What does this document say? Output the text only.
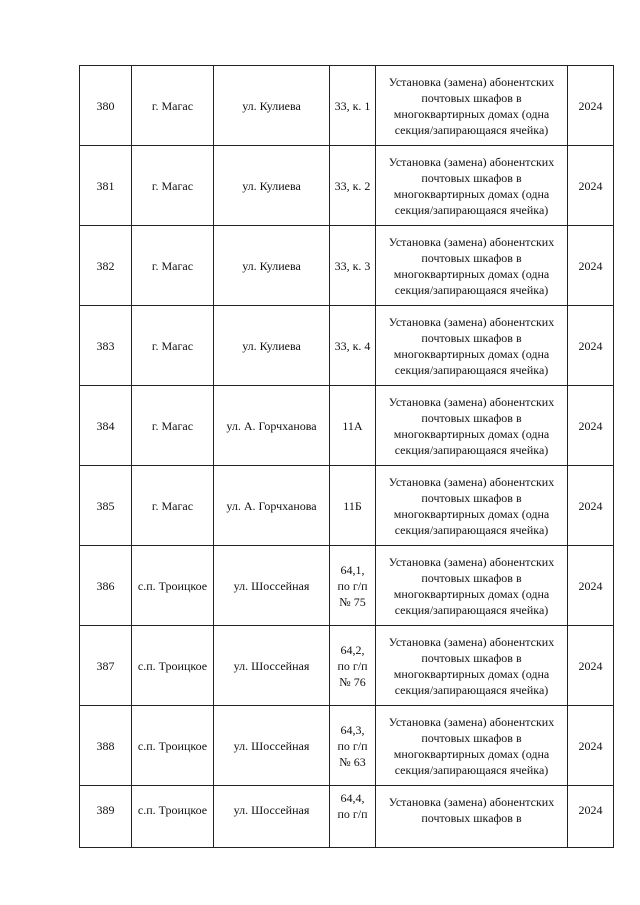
380	г. Магас	ул. Кулиева	33, к. 1	Установка (замена) абонентских
почтовых шкафов в
многоквартирных домах (одна
секция/запирающаяся ячейка)	2024
381	г. Магас	ул. Кулиева	33, к. 2	Установка (замена) абонентских
почтовых шкафов в
многоквартирных домах (одна
секция/запирающаяся ячейка)	2024
382	г. Магас	ул. Кулиева	33, к. 3	Установка (замена) абонентских
почтовых шкафов в
многоквартирных домах (одна
секция/запирающаяся ячейка)	2024
383	г. Магас	ул. Кулиева	33, к. 4	Установка (замена) абонентских
почтовых шкафов в
многоквартирных домах (одна
секция/запирающаяся ячейка)	2024
384	г. Магас	ул. А. Горчханова	11А	Установка (замена) абонентских
почтовых шкафов в
многоквартирных домах (одна
секция/запирающаяся ячейка)	2024
385	г. Магас	ул. А. Горчханова	11Б	Установка (замена) абонентских
почтовых шкафов в
многоквартирных домах (одна
секция/запирающаяся ячейка)	2024
386	с.п. Троицкое	ул. Шоссейная	64,1,
по г/п
№ 75	Установка (замена) абонентских
почтовых шкафов в
многоквартирных домах (одна
секция/запирающаяся ячейка)	2024
387	с.п. Троицкое	ул. Шоссейная	64,2,
по г/п
№ 76	Установка (замена) абонентских
почтовых шкафов в
многоквартирных домах (одна
секция/запирающаяся ячейка)	2024
388	с.п. Троицкое	ул. Шоссейная	64,3,
по г/п
№ 63	Установка (замена) абонентских
почтовых шкафов в
многоквартирных домах (одна
секция/запирающаяся ячейка)	2024
389	с.п. Троицкое	ул. Шоссейная	64,4,
по г/п	Установка (замена) абонентских
почтовых шкафов в	2024
